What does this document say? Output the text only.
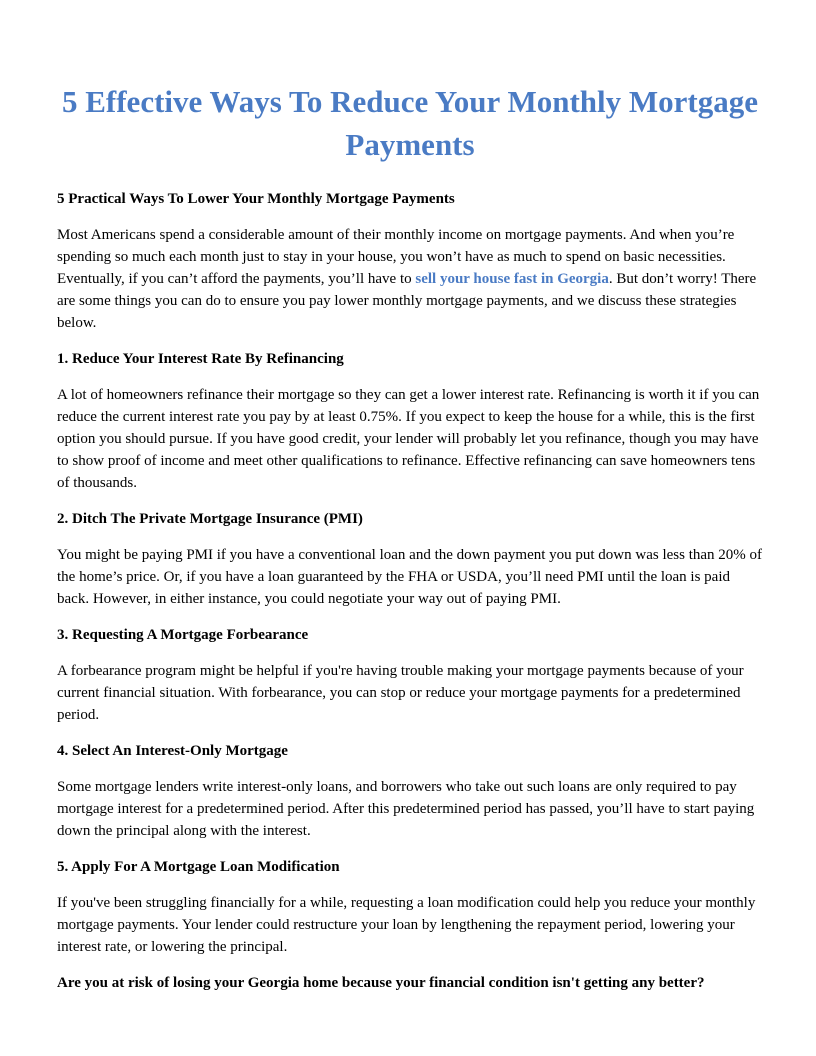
5 Effective Ways To Reduce Your Monthly Mortgage Payments

5 Practical Ways To Lower Your Monthly Mortgage Payments

Most Americans spend a considerable amount of their monthly income on mortgage payments. And when you’re spending so much each month just to stay in your house, you won’t have as much to spend on basic necessities. Eventually, if you can’t afford the payments, you’ll have to sell your house fast in Georgia. But don’t worry! There are some things you can do to ensure you pay lower monthly mortgage payments, and we discuss these strategies below.

1. Reduce Your Interest Rate By Refinancing

A lot of homeowners refinance their mortgage so they can get a lower interest rate. Refinancing is worth it if you can reduce the current interest rate you pay by at least 0.75%. If you expect to keep the house for a while, this is the first option you should pursue. If you have good credit, your lender will probably let you refinance, though you may have to show proof of income and meet other qualifications to refinance. Effective refinancing can save homeowners tens of thousands.

2. Ditch The Private Mortgage Insurance (PMI)

You might be paying PMI if you have a conventional loan and the down payment you put down was less than 20% of the home’s price. Or, if you have a loan guaranteed by the FHA or USDA, you’ll need PMI until the loan is paid back. However, in either instance, you could negotiate your way out of paying PMI.

3. Requesting A Mortgage Forbearance

A forbearance program might be helpful if you're having trouble making your mortgage payments because of your current financial situation. With forbearance, you can stop or reduce your mortgage payments for a predetermined period.

4. Select An Interest-Only Mortgage

Some mortgage lenders write interest-only loans, and borrowers who take out such loans are only required to pay mortgage interest for a predetermined period. After this predetermined period has passed, you’ll have to start paying down the principal along with the interest.

5. Apply For A Mortgage Loan Modification

If you've been struggling financially for a while, requesting a loan modification could help you reduce your monthly mortgage payments. Your lender could restructure your loan by lengthening the repayment period, lowering your interest rate, or lowering the principal.

Are you at risk of losing your Georgia home because your financial condition isn't getting any better?
